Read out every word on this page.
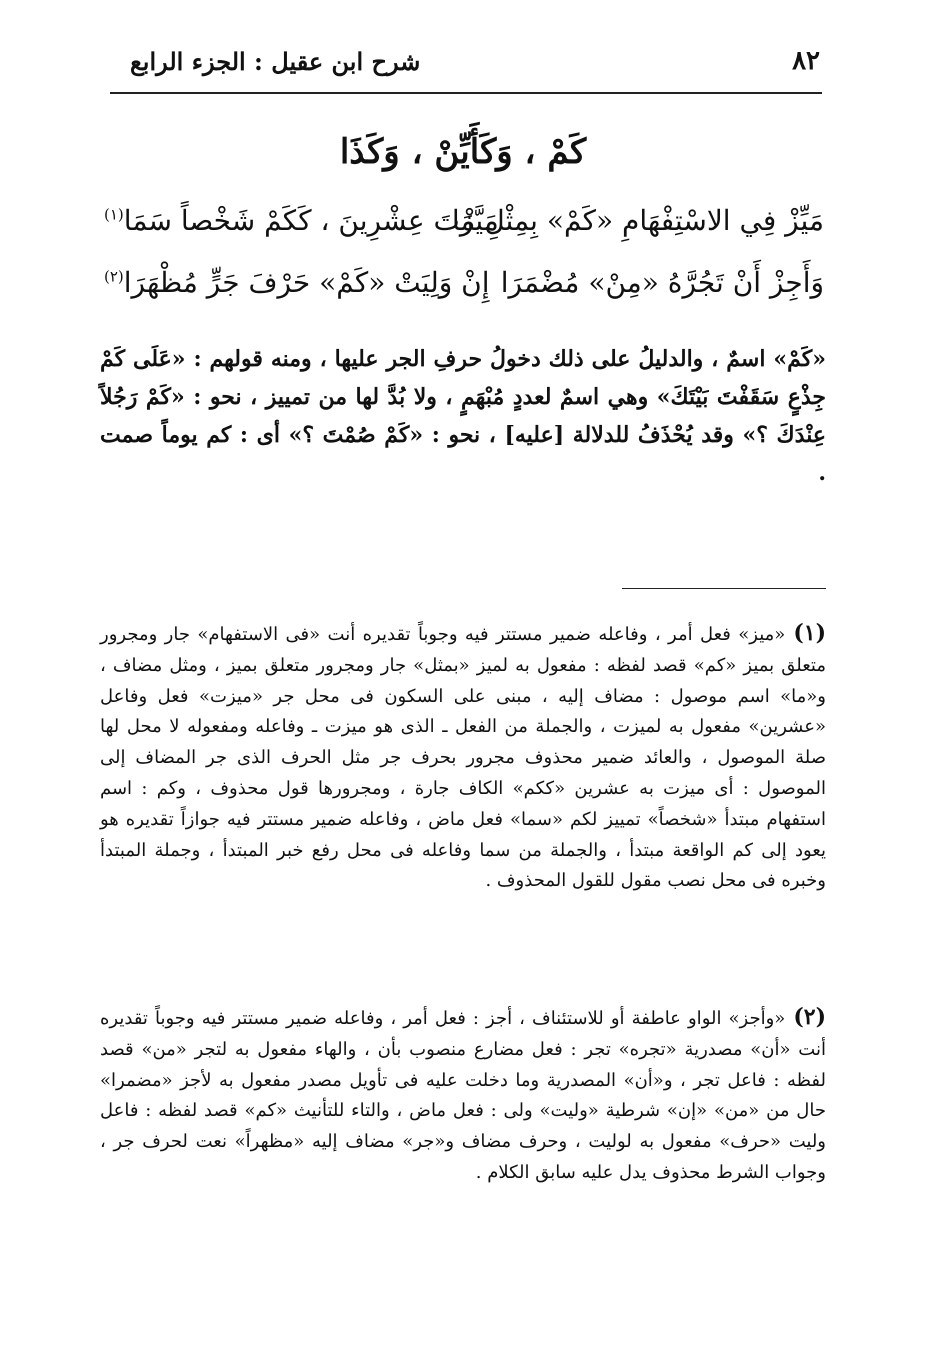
٨٢
شرح ابن عقيل : الجزء الرابع
كَمْ ، وَكَأَيِّنْ ، وَكَذَا
مَيِّزْ فِي الاسْتِفْهَامِ «كَمْ» بِمِثْلِ مَا
مَيَّزْتَ عِشْرِينَ ، كَكَمْ شَخْصاً سَمَا$^{(١)}$
وَأَجِزْ أَنْ تَجُرَّهُ «مِنْ» مُضْمَرَا
إِنْ وَلِيَتْ «كَمْ» حَرْفَ جَرٍّ مُظْهَرَا$^{(٢)}$

«كَمْ» اسمٌ ، والدليلُ على ذلك دخولُ حرفِ الجر عليها ، ومنه قولهم : «عَلَى كَمْ جِذْعٍ سَقَفْتَ بَيْتَكَ» وهي اسمٌ لعددٍ مُبْهَمٍ ، ولا بُدَّ لها من تمييز ، نحو : «كَمْ رَجُلاً عِنْدَكَ ؟» وقد يُحْذَفُ للدلالة [عليه] ، نحو : «كَمْ صُمْتَ ؟» أى : كم يوماً صمت .

(١)«ميز» فعل أمر ، وفاعله ضمير مستتر فيه وجوباً تقديره أنت «فى الاستفهام» جار ومجرور متعلق بميز «كم» قصد لفظه : مفعول به لميز «بمثل» جار ومجرور متعلق بميز ، ومثل مضاف ، و«ما» اسم موصول : مضاف إليه ، مبنى على السكون فى محل جر «ميزت» فعل وفاعل «عشرين» مفعول به لميزت ، والجملة من الفعل ـ الذى هو ميزت ـ وفاعله ومفعوله لا محل لها صلة الموصول ، والعائد ضمير محذوف مجرور بحرف جر مثل الحرف الذى جر المضاف إلى الموصول : أى ميزت به عشرين «ككم» الكاف جارة ، ومجرورها قول محذوف ، وكم : اسم استفهام مبتدأ «شخصاً» تمييز لكم «سما» فعل ماض ، وفاعله ضمير مستتر فيه جوازاً تقديره هو يعود إلى كم الواقعة مبتدأ ، والجملة من سما وفاعله فى محل رفع خبر المبتدأ ، وجملة المبتدأ وخبره فى محل نصب مقول للقول المحذوف .
(٢)«وأجز» الواو عاطفة أو للاستئناف ، أجز : فعل أمر ، وفاعله ضمير مستتر فيه وجوباً تقديره أنت «أن» مصدرية «تجره» تجر : فعل مضارع منصوب بأن ، والهاء مفعول به لتجر «من» قصد لفظه : فاعل تجر ، و«أن» المصدرية وما دخلت عليه فى تأويل مصدر مفعول به لأجز «مضمرا» حال من «من» «إن» شرطية «وليت» ولى : فعل ماض ، والتاء للتأنيث «كم» قصد لفظه : فاعل وليت «حرف» مفعول به لوليت ، وحرف مضاف و«جر» مضاف إليه «مظهراً» نعت لحرف جر ، وجواب الشرط محذوف يدل عليه سابق الكلام .
